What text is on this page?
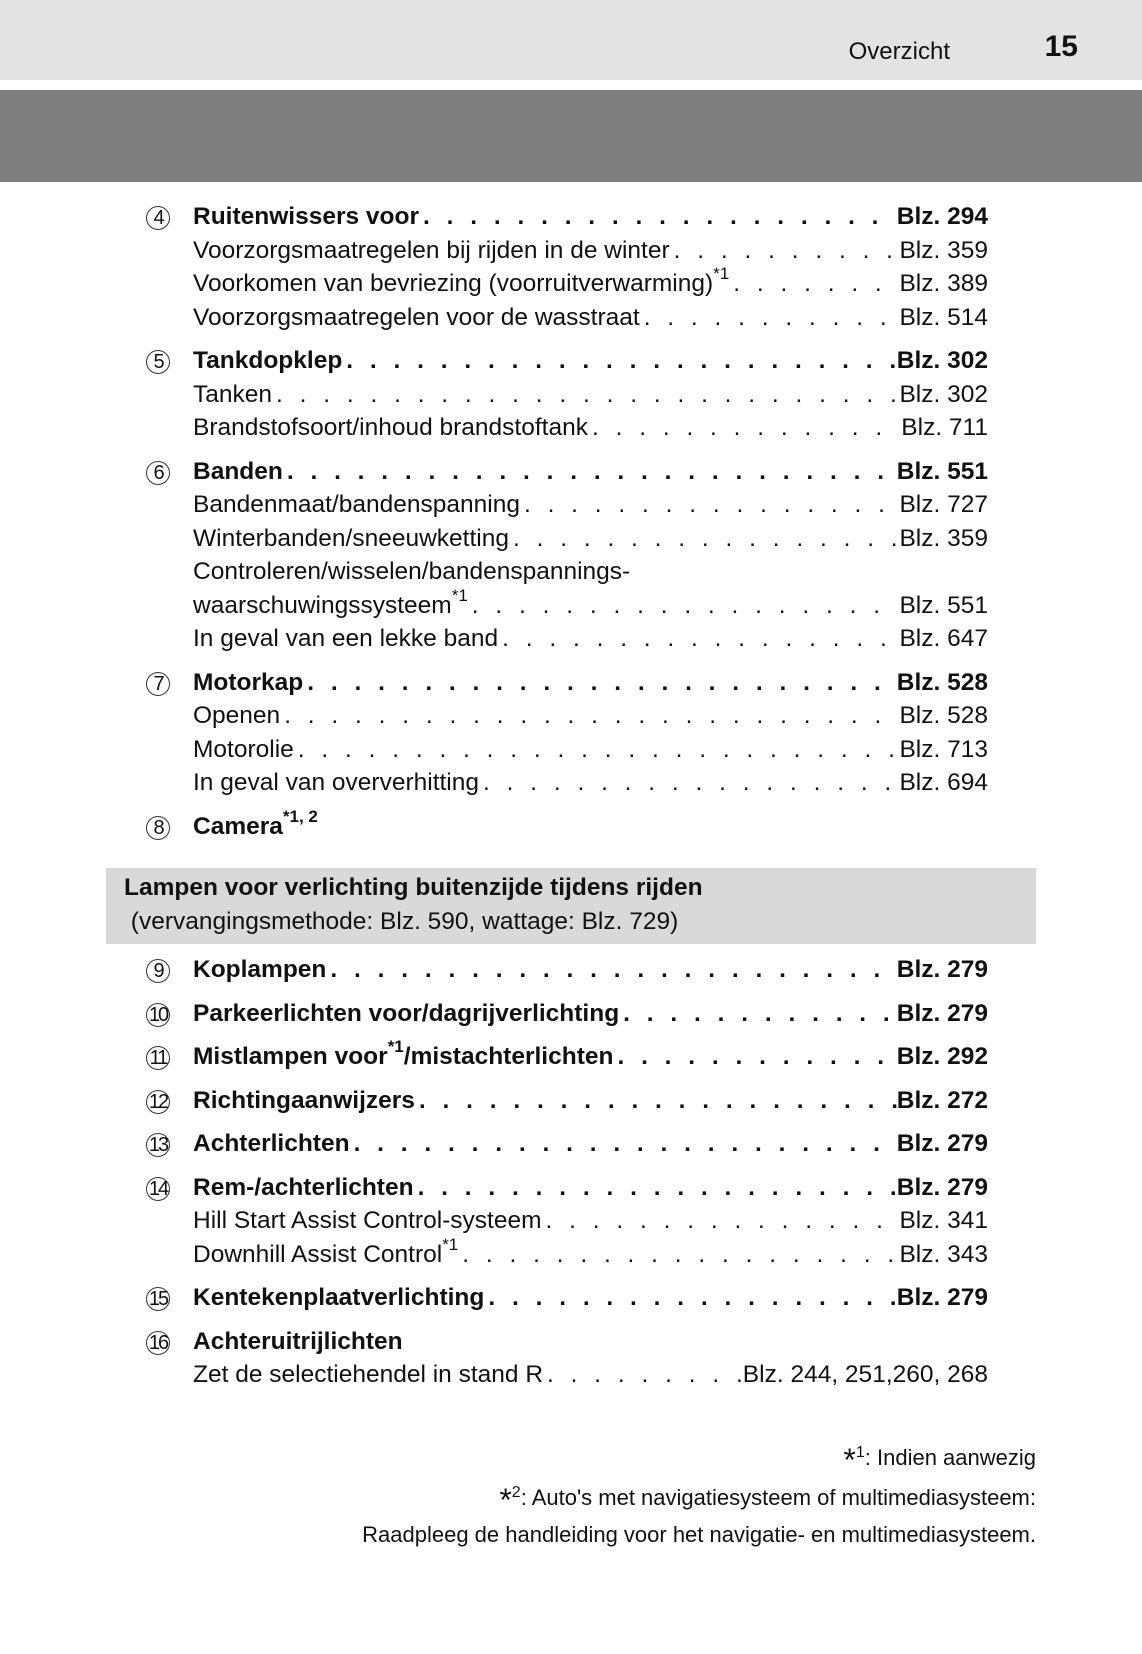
Overzicht	15
4	Ruitenwissers voor . . .	Blz. 294
Voorzorgsmaatregelen bij rijden in de winter . . .	Blz. 359
Voorkomen van bevriezing (voorruitverwarming)$^{*1}$ . . .	Blz. 389
Voorzorgsmaatregelen voor de wasstraat . . .	Blz. 514
5	Tankdopklep . . .	Blz. 302
Tanken . . .	Blz. 302
Brandstofsoort/inhoud brandstoftank . . .	Blz. 711
6	Banden . . .	Blz. 551
Bandenmaat/bandenspanning . . .	Blz. 727
Winterbanden/sneeuwketting . . .	Blz. 359
Controleren/wisselen/bandenspannings-
waarschuwingssysteem$^{*1}$ . . .	Blz. 551
In geval van een lekke band . . .	Blz. 647
7	Motorkap . . .	Blz. 528
Openen . . .	Blz. 528
Motorolie . . .	Blz. 713
In geval van oververhitting . . .	Blz. 694
8	Camera$^{*1, 2}$
Lampen voor verlichting buitenzijde tijdens rijden
(vervangingsmethode: Blz. 590, wattage: Blz. 729)
9	Koplampen . . .	Blz. 279
10 Parkeerlichten voor/dagrijverlichting . . .	Blz. 279
11 Mistlampen voor$^{*1}$/mistachterlichten . . .	Blz. 292
12 Richtingaanwijzers . . .	Blz. 272
13 Achterlichten . . .	Blz. 279
14 Rem-/achterlichten . . .	Blz. 279
Hill Start Assist Control-systeem . . .	Blz. 341
Downhill Assist Control$^{*1}$ . . .	Blz. 343
15 Kentekenplaatverlichting . . .	Blz. 279
16 Achteruitrijlichten
Zet de selectiehendel in stand R . . .	Blz. 244, 251,260, 268
*$^1$: Indien aanwezig
*$^2$: Auto's met navigatiesysteem of multimediasysteem:
Raadpleeg de handleiding voor het navigatie- en multimediasysteem.
